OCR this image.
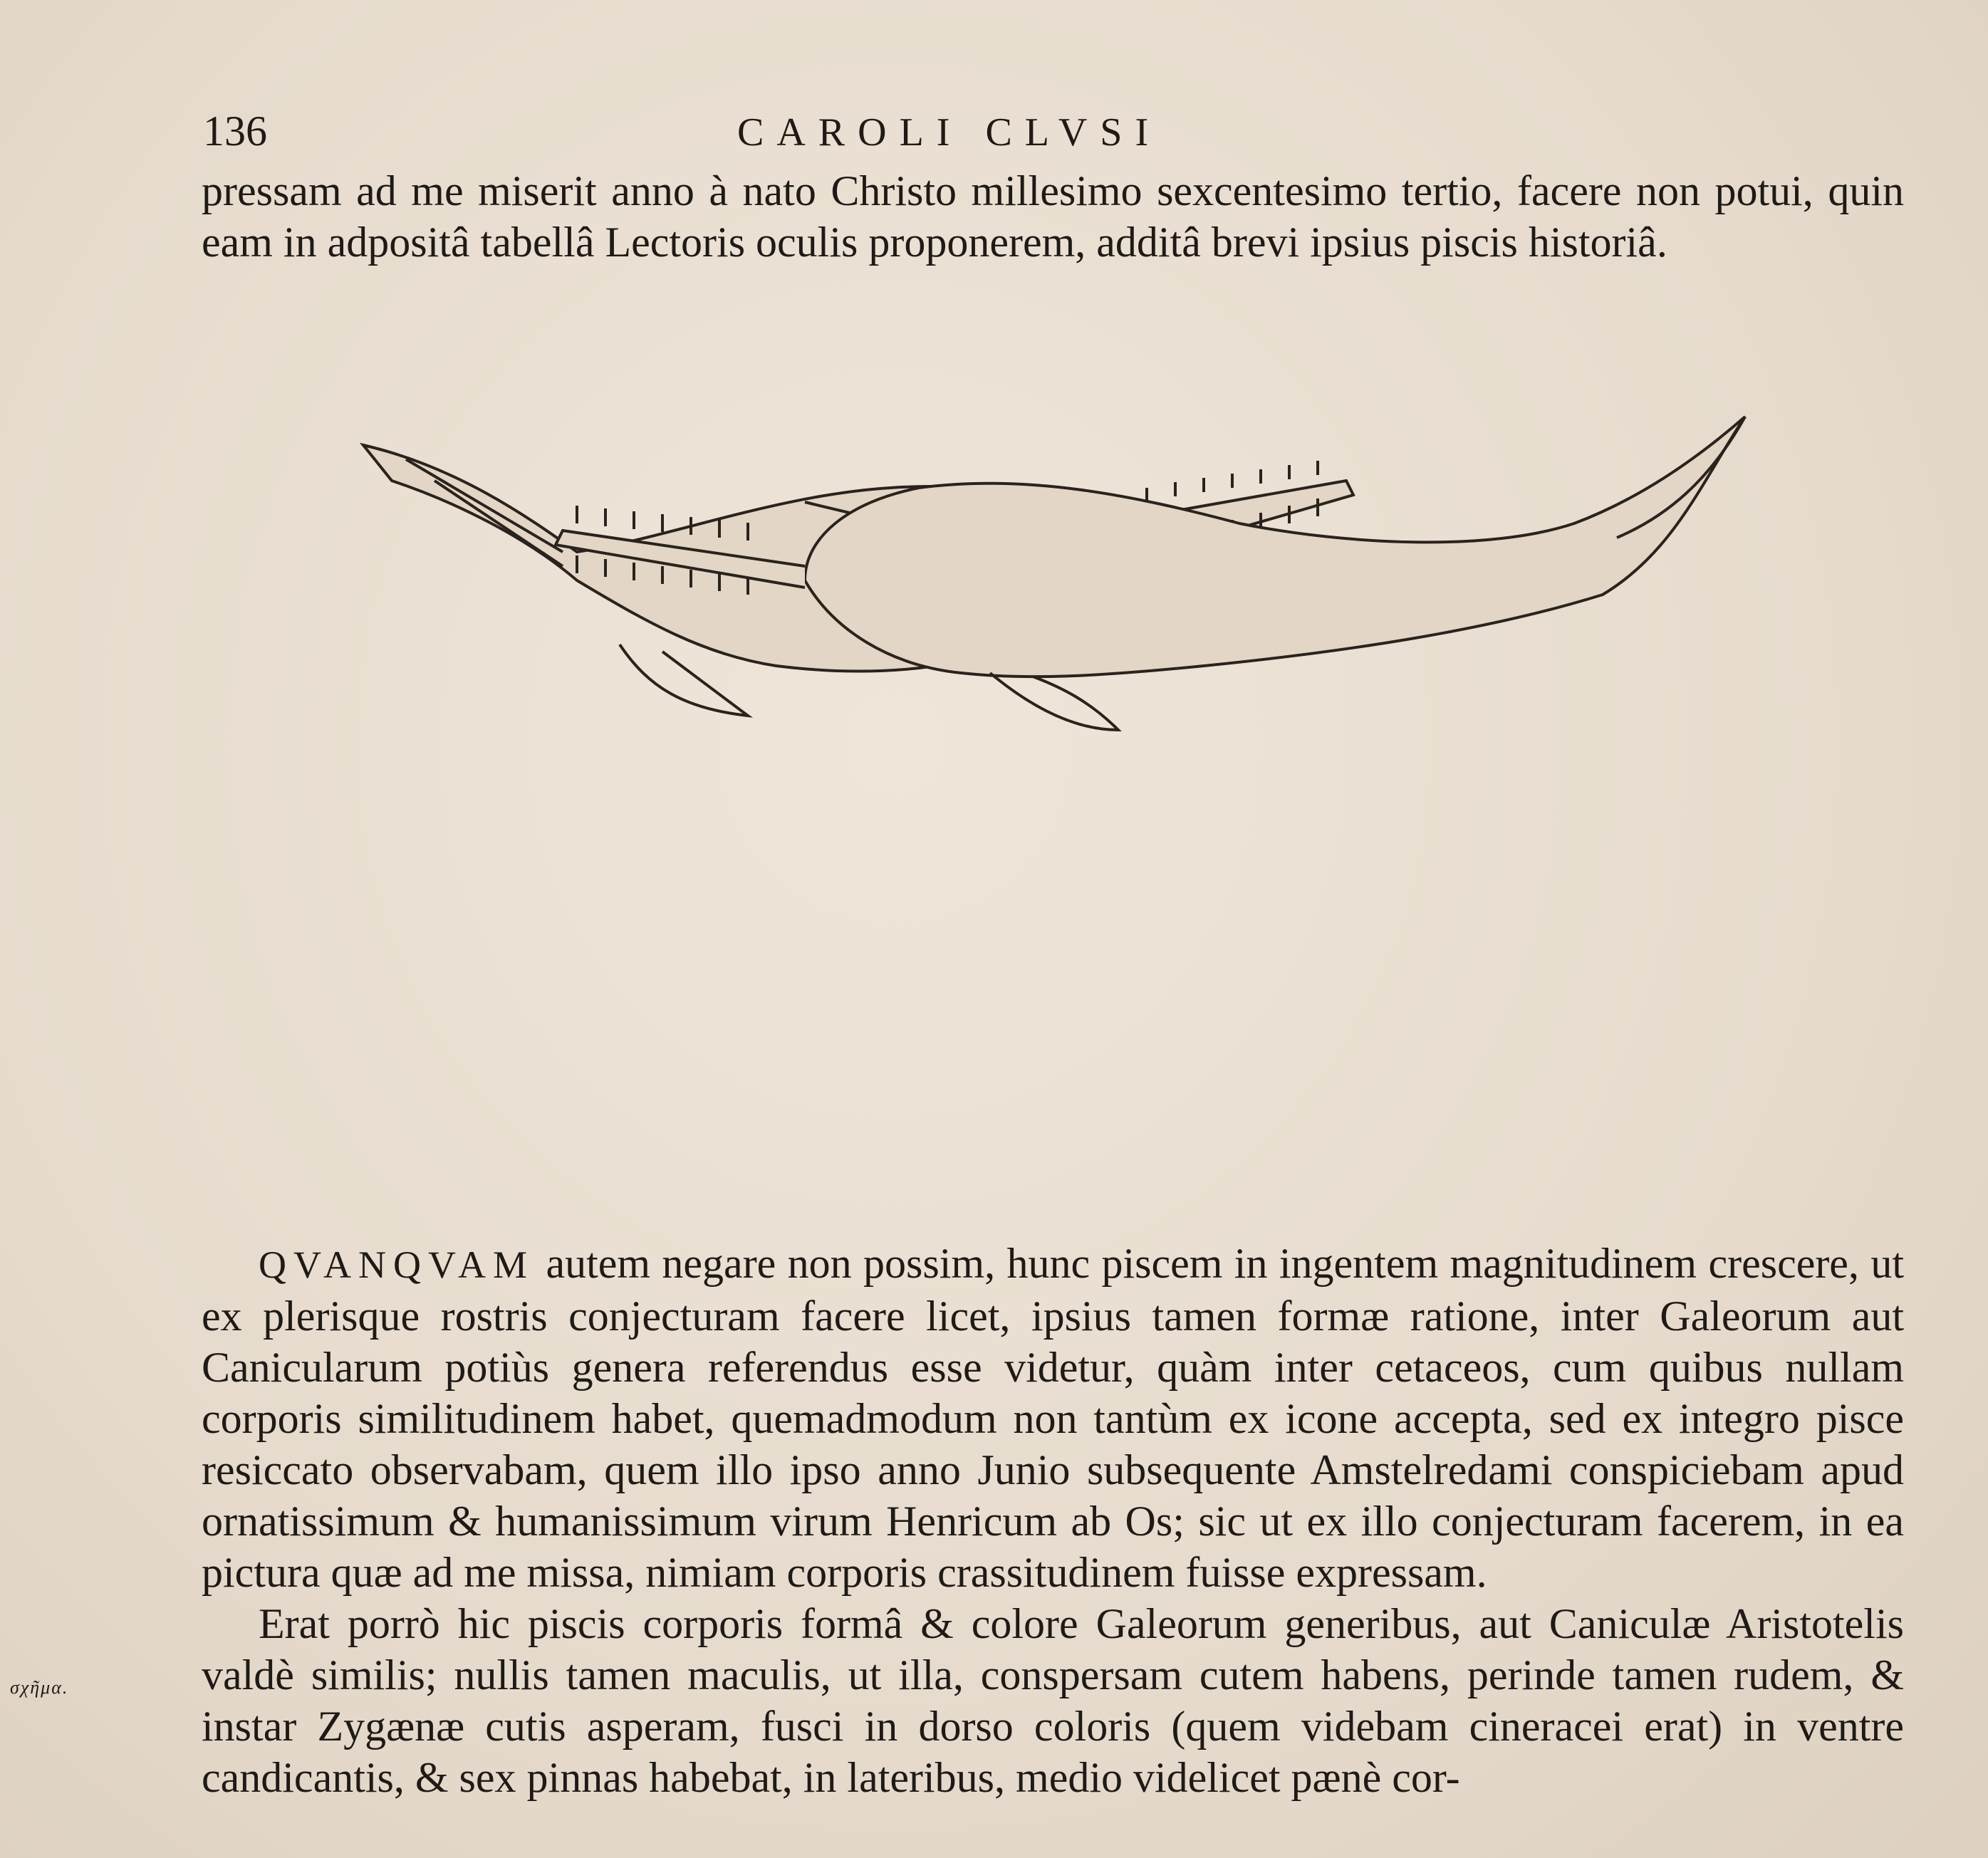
136	CAROLI CLVSI

pressam ad me miserit anno à nato Christo millesimo sexcentesimo tertio, facere non potui, quin eam in adpositâ tabellâ Lectoris oculis proponerem, additâ brevi ipsius piscis historiâ.

QVANQVAM autem negare non possim, hunc piscem in ingentem magnitudinem crescere, ut ex plerisque rostris conjecturam facere licet, ipsius tamen formæ ratione, inter Galeorum aut Canicularum potiùs genera referendus esse videtur, quàm inter cetaceos, cum quibus nullam corporis similitudinem habet, quemadmodum non tantùm ex icone accepta, sed ex integro pisce resiccato observabam, quem illo ipso anno Junio subsequente Amstelredami conspiciebam apud ornatissimum & humanissimum virum Henricum ab Os; sic ut ex illo conjecturam facerem, in ea pictura quæ ad me missa, nimiam corporis crassitudinem fuisse expressam.

Erat porrò hic piscis corporis formâ & colore Galeorum generibus, aut Caniculæ Aristotelis valdè similis; nullis tamen maculis, ut illa, conspersam cutem habens, perinde tamen rudem, & instar Zygænæ cutis asperam, fusci in dorso coloris (quem videbam cineracei erat) in ventre candicantis, & sex pinnas habebat, in lateribus, medio videlicet pænè cor-

σχῆμα.
